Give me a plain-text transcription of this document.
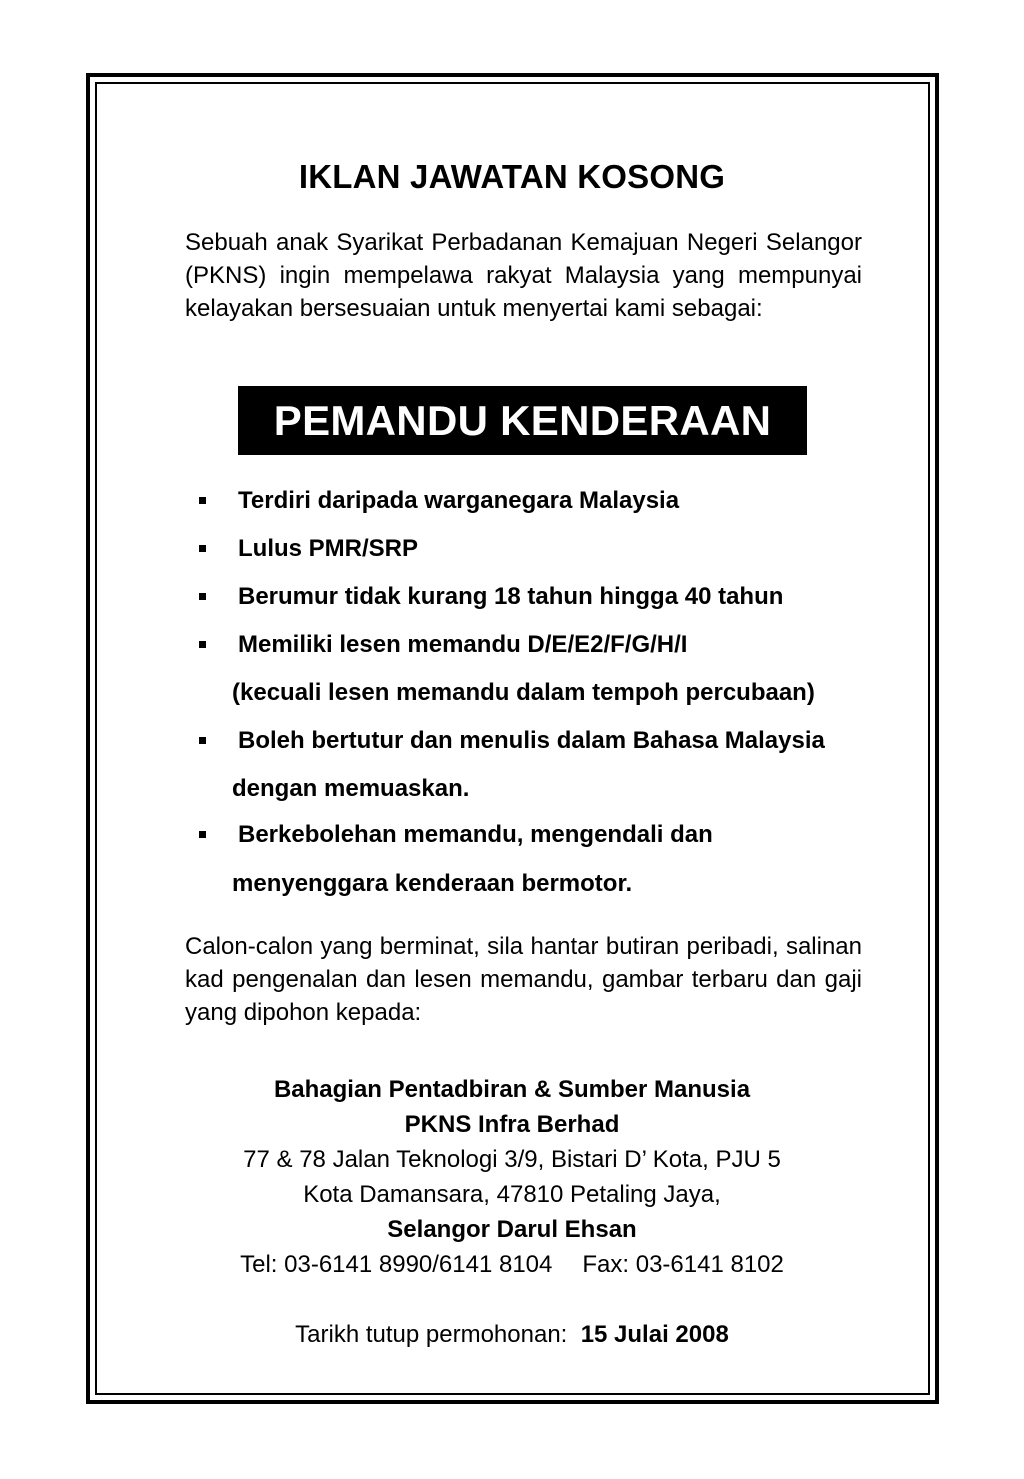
IKLAN JAWATAN KOSONG
Sebuah anak Syarikat Perbadanan Kemajuan Negeri Selangor (PKNS) ingin mempelawa rakyat Malaysia yang mempunyai kelayakan bersesuaian untuk menyertai kami sebagai:
PEMANDU KENDERAAN
Terdiri daripada warganegara Malaysia
Lulus PMR/SRP
Berumur tidak kurang 18 tahun hingga 40 tahun
Memiliki lesen memandu D/E/E2/F/G/H/I
(kecuali lesen memandu dalam tempoh percubaan)
Boleh bertutur dan menulis dalam Bahasa Malaysia
dengan memuaskan.
Berkebolehan memandu, mengendali dan
menyenggara kenderaan bermotor.
Calon-calon yang berminat, sila hantar butiran peribadi, salinan kad pengenalan dan lesen memandu, gambar terbaru dan gaji yang dipohon kepada:
Bahagian Pentadbiran & Sumber Manusia
PKNS Infra Berhad
77 & 78 Jalan Teknologi 3/9, Bistari D’ Kota, PJU 5
Kota Damansara, 47810 Petaling Jaya,
Selangor Darul Ehsan
Tel: 03-6141 8990/6141 8104 Fax: 03-6141 8102
Tarikh tutup permohonan: 15 Julai 2008
